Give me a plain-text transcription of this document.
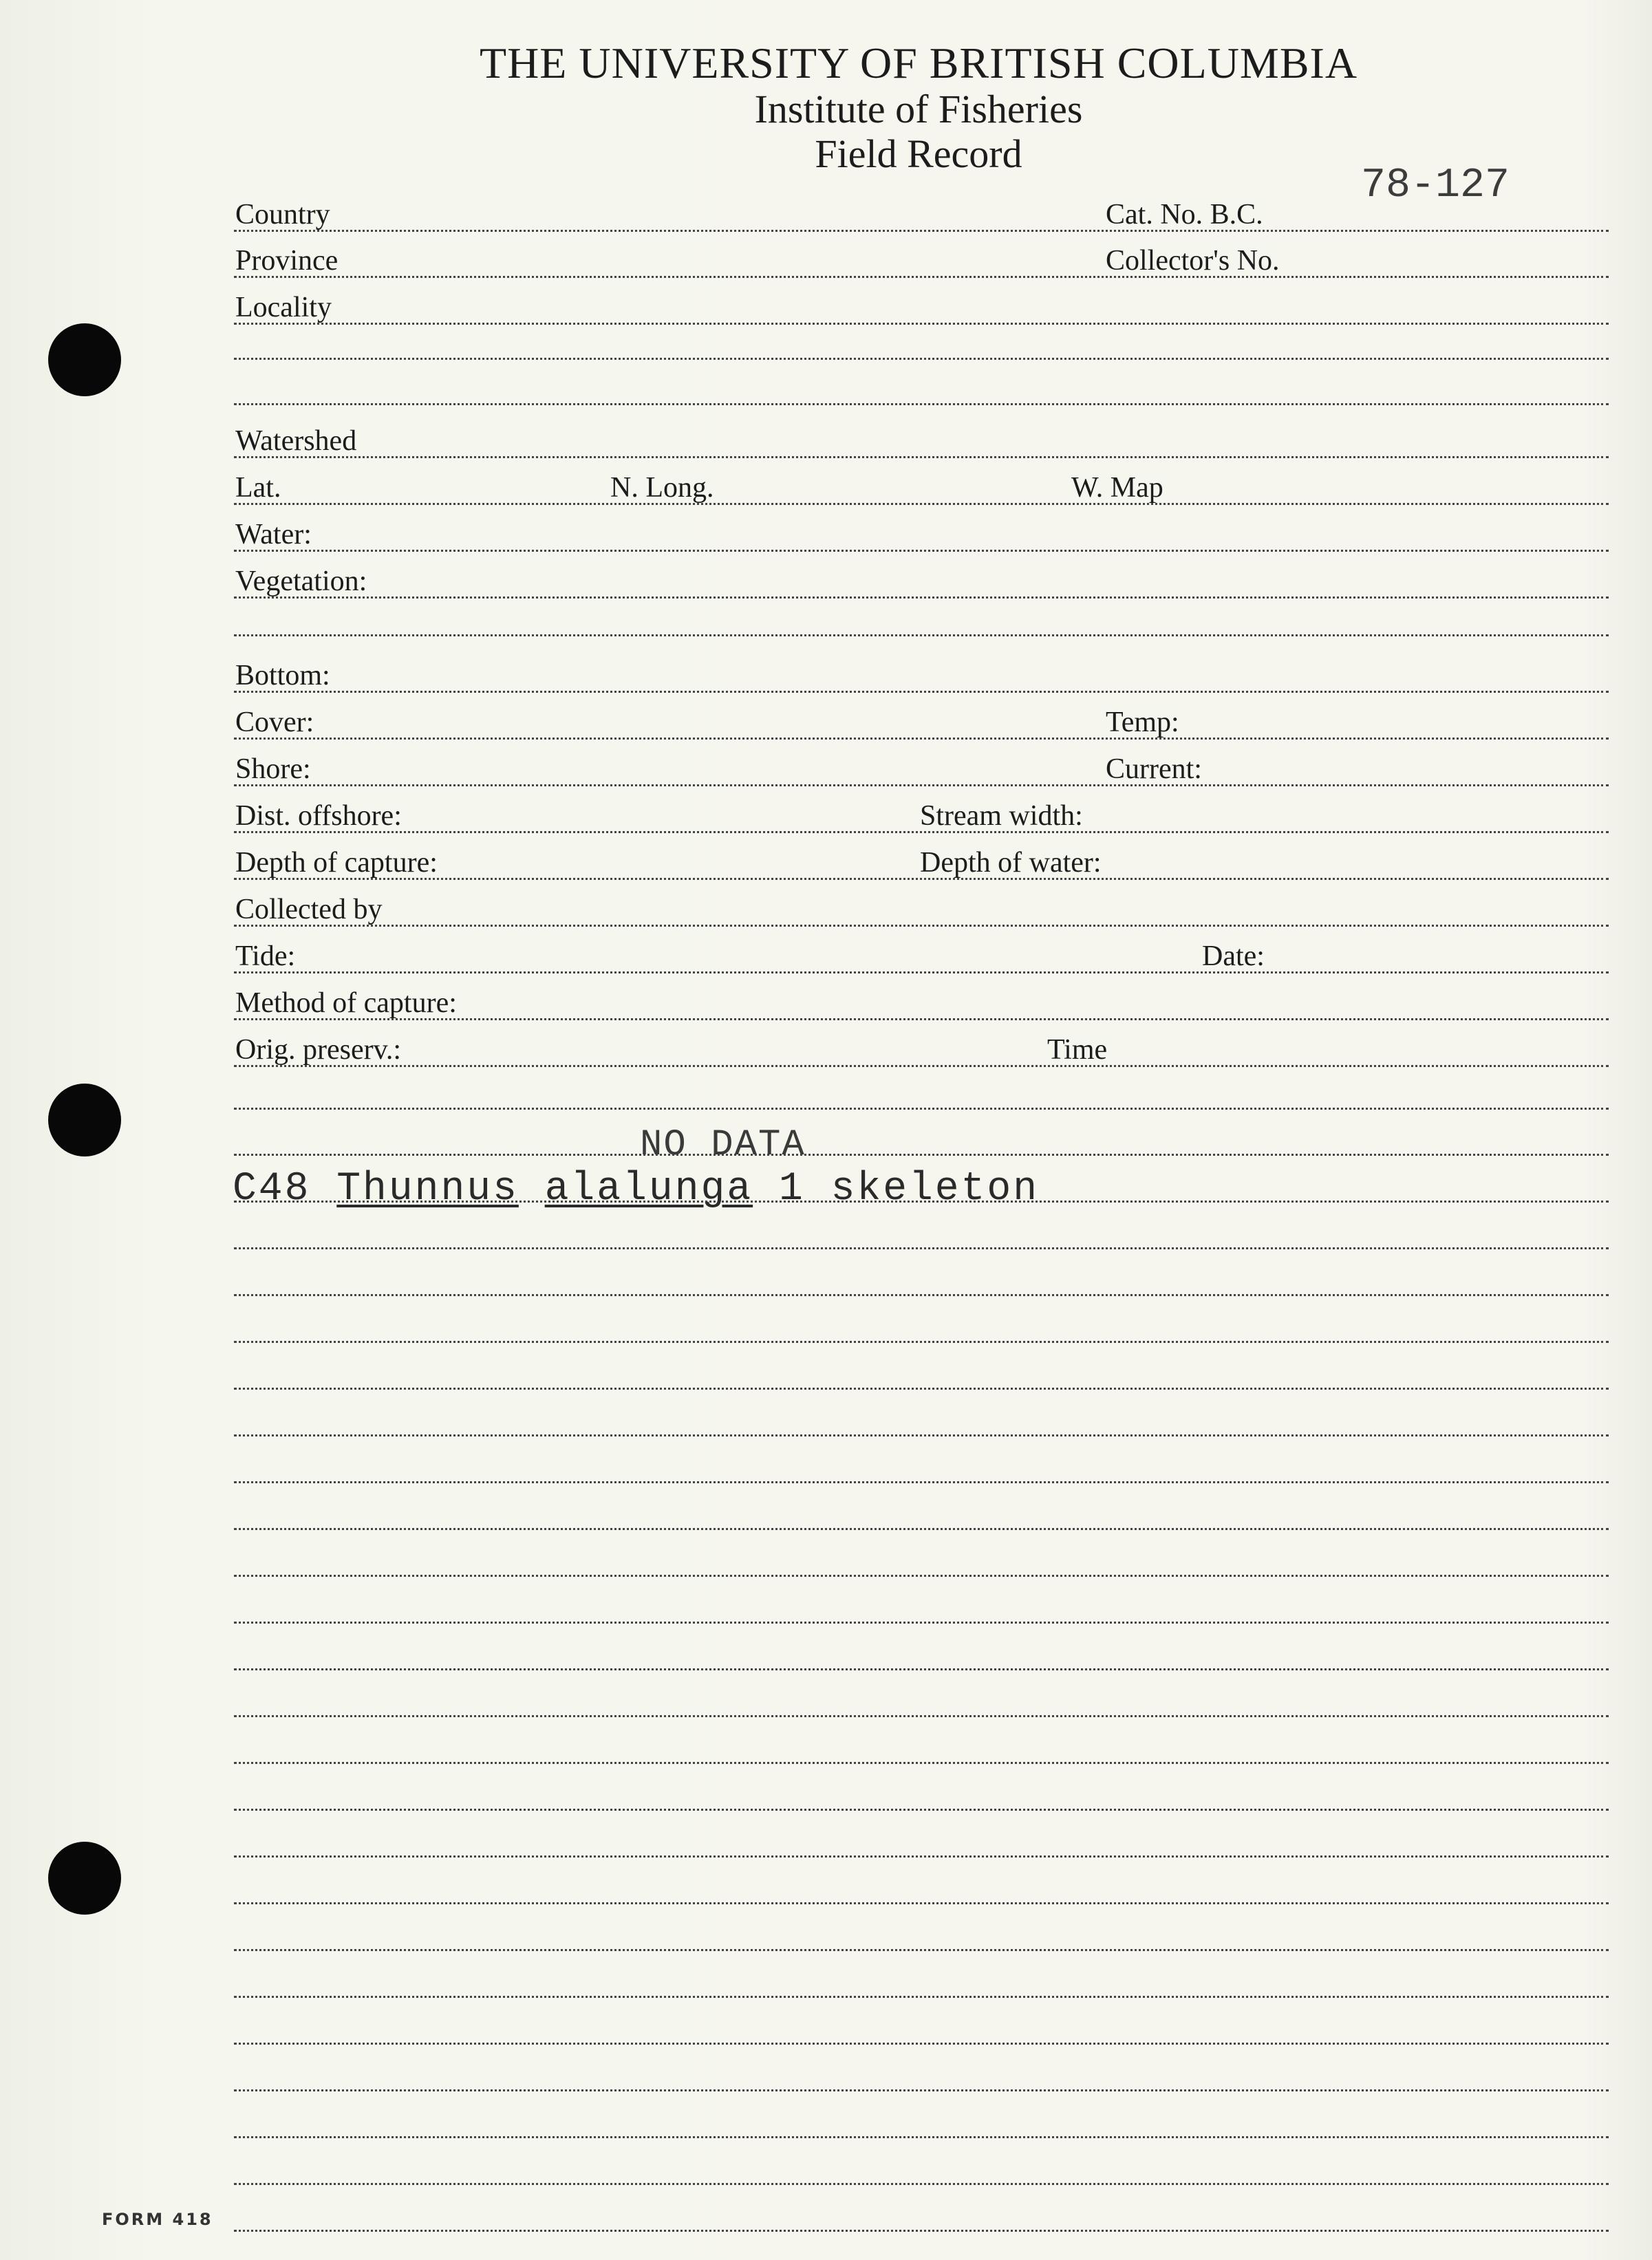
THE UNIVERSITY OF BRITISH COLUMBIA
Institute of Fisheries
Field Record
Country	Cat. No. B.C.
78-127
Province	Collector's No.
Locality
Watershed
Lat.	N. Long.	W. Map
Water:
Vegetation:
Bottom:
Cover:	Temp:
Shore:	Current:
Dist. offshore:	Stream width:
Depth of capture:	Depth of water:
Collected by
Tide:	Date:
Method of capture:
Orig. preserv.:	Time
NO DATA
C48 Thunnus alalunga 1 skeleton
FORM 418
